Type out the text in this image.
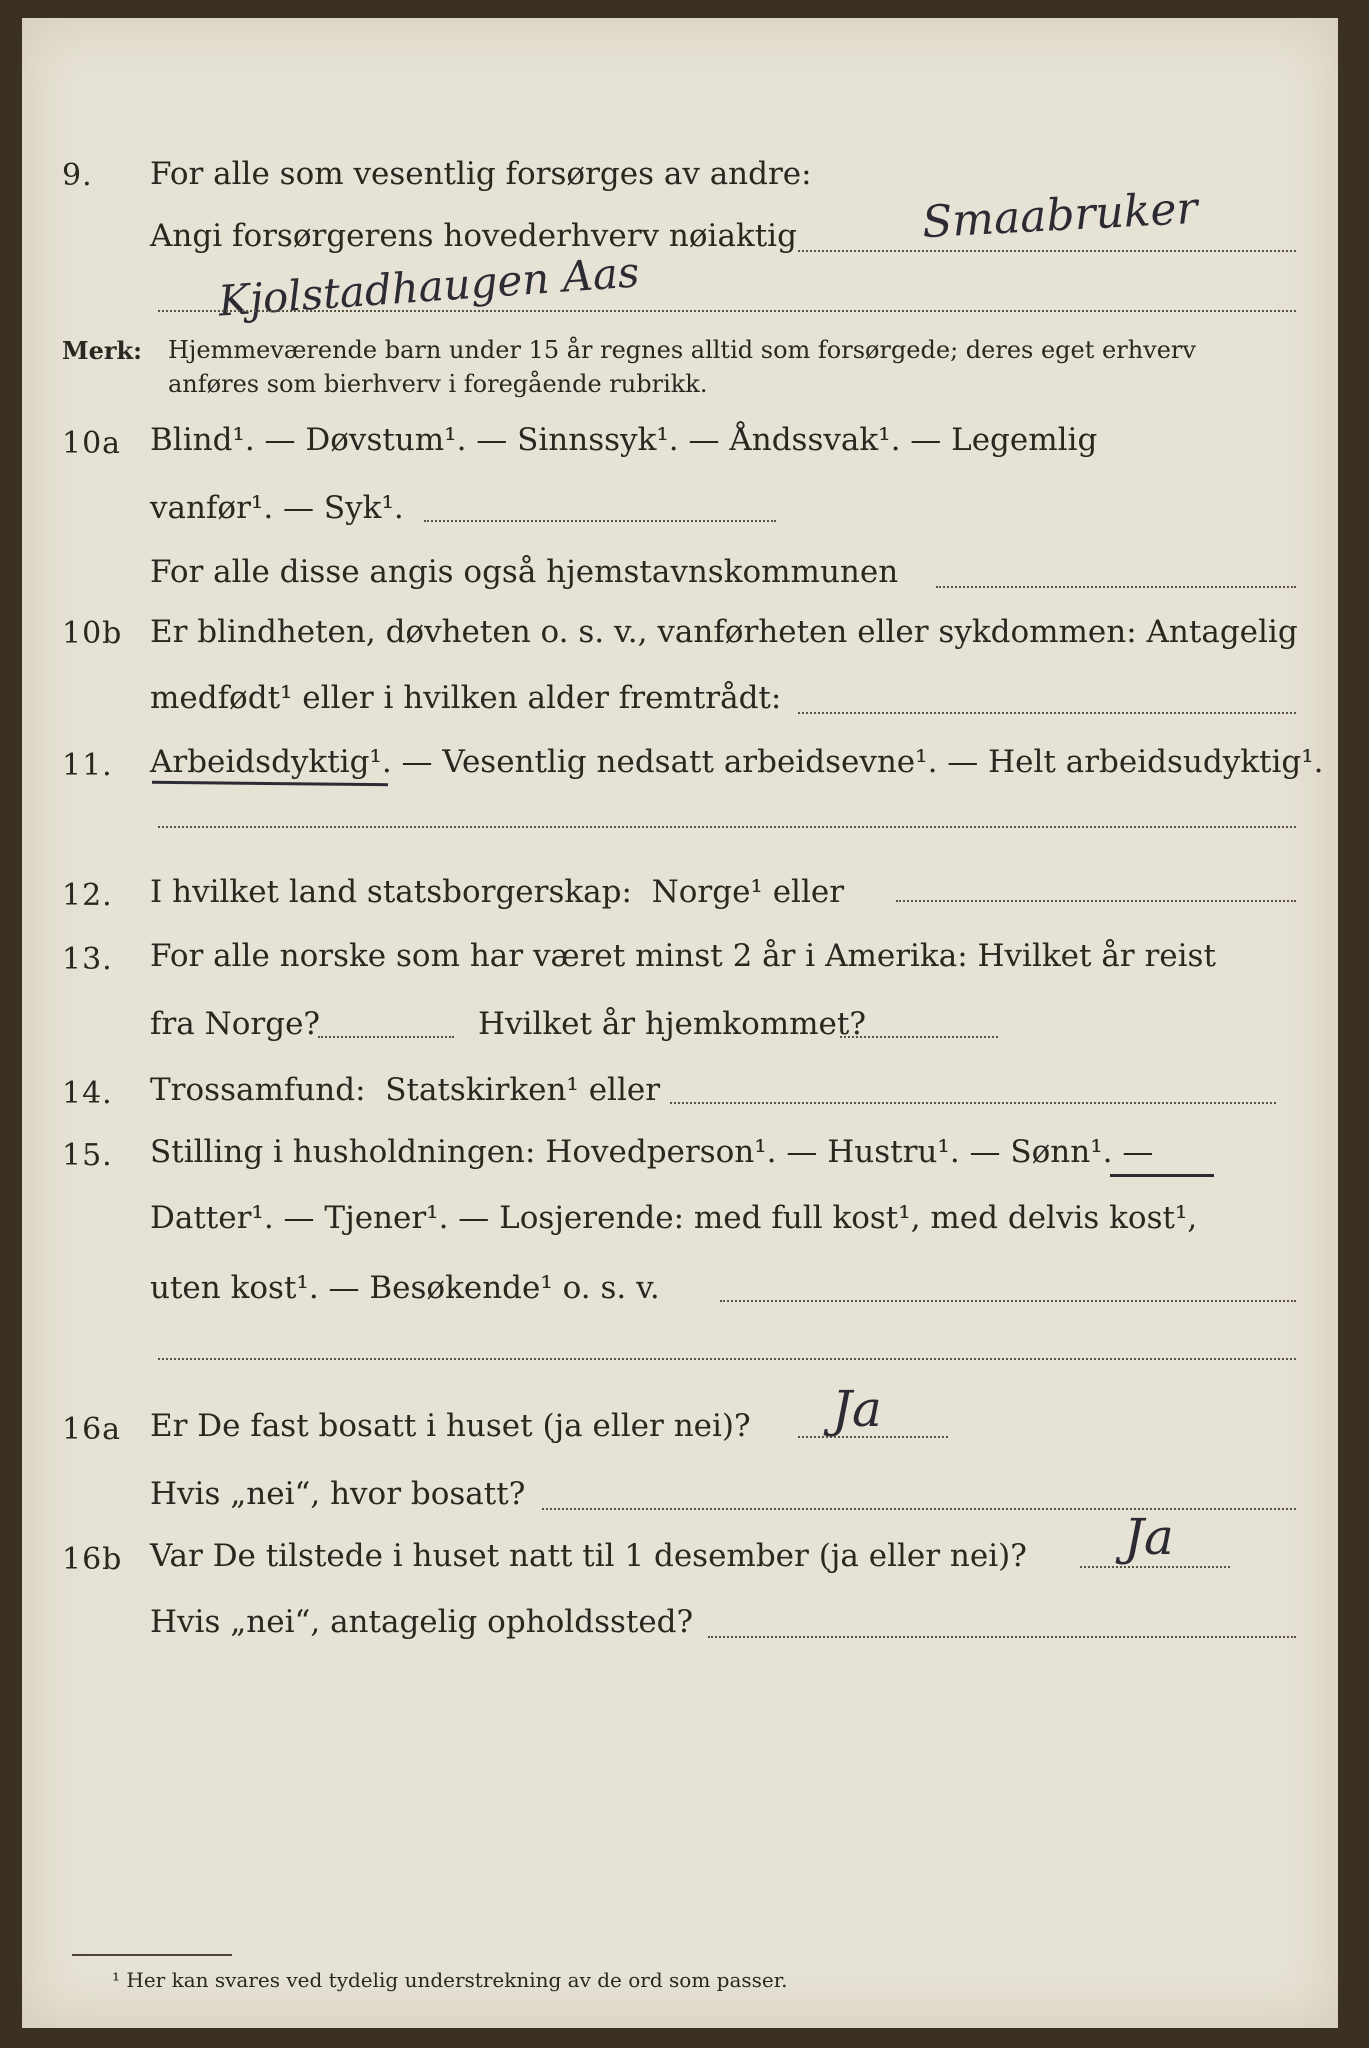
9. For alle som vesentlig forsørges av andre:
Angi forsørgerens hovederhverv nøiaktig	Smaabruker
Kjolstadhaugen Aas
Merk: Hjemmeværende barn under 15 år regnes alltid som forsørgede; deres eget erhverv
anføres som bierhverv i foregående rubrikk.
10a Blind¹. — Døvstum¹. — Sinnssyk¹. — Åndssvak¹. — Legemlig
vanfør¹. — Syk¹.
For alle disse angis også hjemstavnskommunen
10b Er blindheten, døvheten o. s. v., vanførheten eller sykdommen: Antagelig
medfødt¹ eller i hvilken alder fremtrådt:
11. Arbeidsdyktig¹. — Vesentlig nedsatt arbeidsevne¹. — Helt arbeidsudyktig¹.
12. I hvilket land statsborgerskap:  Norge¹ eller
13. For alle norske som har været minst 2 år i Amerika: Hvilket år reist
fra Norge?	Hvilket år hjemkommet?
14. Trossamfund:  Statskirken¹ eller
15. Stilling i husholdningen: Hovedperson¹. — Hustru¹. — Sønn¹. —
Datter¹. — Tjener¹. — Losjerende: med full kost¹, med delvis kost¹,
uten kost¹. — Besøkende¹ o. s. v.
16a Er De fast bosatt i huset (ja eller nei)? Ja
Hvis „nei“, hvor bosatt?
16b Var De tilstede i huset natt til 1 desember (ja eller nei)? Ja
Hvis „nei“, antagelig opholdssted?
¹ Her kan svares ved tydelig understrekning av de ord som passer.
